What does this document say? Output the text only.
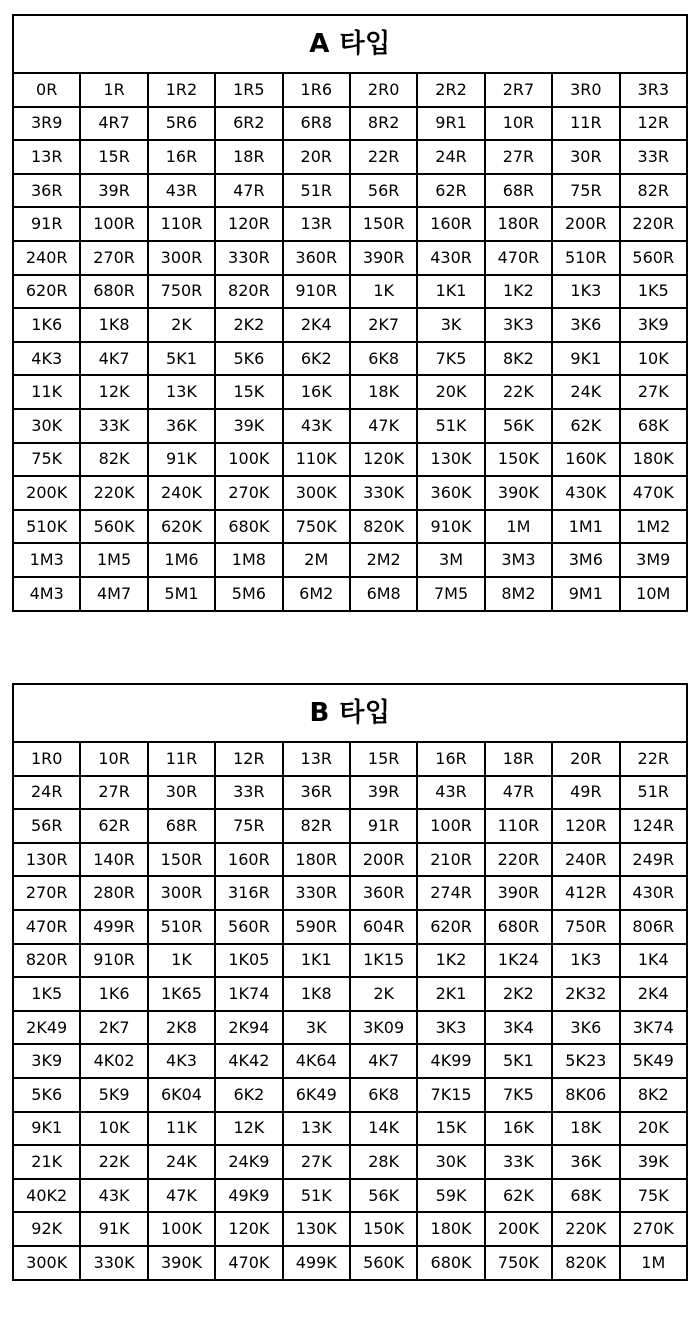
A 타입									
0R	1R	1R2	1R5	1R6	2R0	2R2	2R7	3R0	3R3
3R9	4R7	5R6	6R2	6R8	8R2	9R1	10R	11R	12R
13R	15R	16R	18R	20R	22R	24R	27R	30R	33R
36R	39R	43R	47R	51R	56R	62R	68R	75R	82R
91R	100R	110R	120R	13R	150R	160R	180R	200R	220R
240R	270R	300R	330R	360R	390R	430R	470R	510R	560R
620R	680R	750R	820R	910R	1K	1K1	1K2	1K3	1K5
1K6	1K8	2K	2K2	2K4	2K7	3K	3K3	3K6	3K9
4K3	4K7	5K1	5K6	6K2	6K8	7K5	8K2	9K1	10K
11K	12K	13K	15K	16K	18K	20K	22K	24K	27K
30K	33K	36K	39K	43K	47K	51K	56K	62K	68K
75K	82K	91K	100K	110K	120K	130K	150K	160K	180K
200K	220K	240K	270K	300K	330K	360K	390K	430K	470K
510K	560K	620K	680K	750K	820K	910K	1M	1M1	1M2
1M3	1M5	1M6	1M8	2M	2M2	3M	3M3	3M6	3M9
4M3	4M7	5M1	5M6	6M2	6M8	7M5	8M2	9M1	10M
B 타입									
1R0	10R	11R	12R	13R	15R	16R	18R	20R	22R
24R	27R	30R	33R	36R	39R	43R	47R	49R	51R
56R	62R	68R	75R	82R	91R	100R	110R	120R	124R
130R	140R	150R	160R	180R	200R	210R	220R	240R	249R
270R	280R	300R	316R	330R	360R	274R	390R	412R	430R
470R	499R	510R	560R	590R	604R	620R	680R	750R	806R
820R	910R	1K	1K05	1K1	1K15	1K2	1K24	1K3	1K4
1K5	1K6	1K65	1K74	1K8	2K	2K1	2K2	2K32	2K4
2K49	2K7	2K8	2K94	3K	3K09	3K3	3K4	3K6	3K74
3K9	4K02	4K3	4K42	4K64	4K7	4K99	5K1	5K23	5K49
5K6	5K9	6K04	6K2	6K49	6K8	7K15	7K5	8K06	8K2
9K1	10K	11K	12K	13K	14K	15K	16K	18K	20K
21K	22K	24K	24K9	27K	28K	30K	33K	36K	39K
40K2	43K	47K	49K9	51K	56K	59K	62K	68K	75K
92K	91K	100K	120K	130K	150K	180K	200K	220K	270K
300K	330K	390K	470K	499K	560K	680K	750K	820K	1M
